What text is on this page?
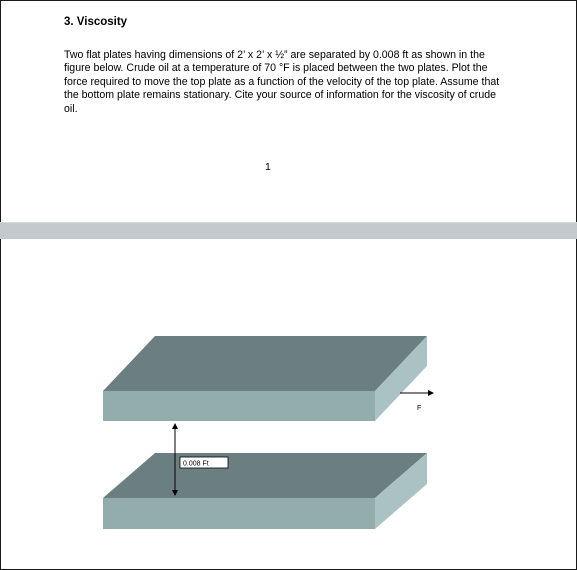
3. Viscosity

Two flat plates having dimensions of 2’ x 2’ x ½” are separated by 0.008 ft as shown in the figure below. Crude oil at a temperature of 70 °F is placed between the two plates. Plot the force required to move the top plate as a function of the velocity of the top plate. Assume that the bottom plate remains stationary. Cite your source of information for the viscosity of crude oil.

1
0.008 Ft
F
